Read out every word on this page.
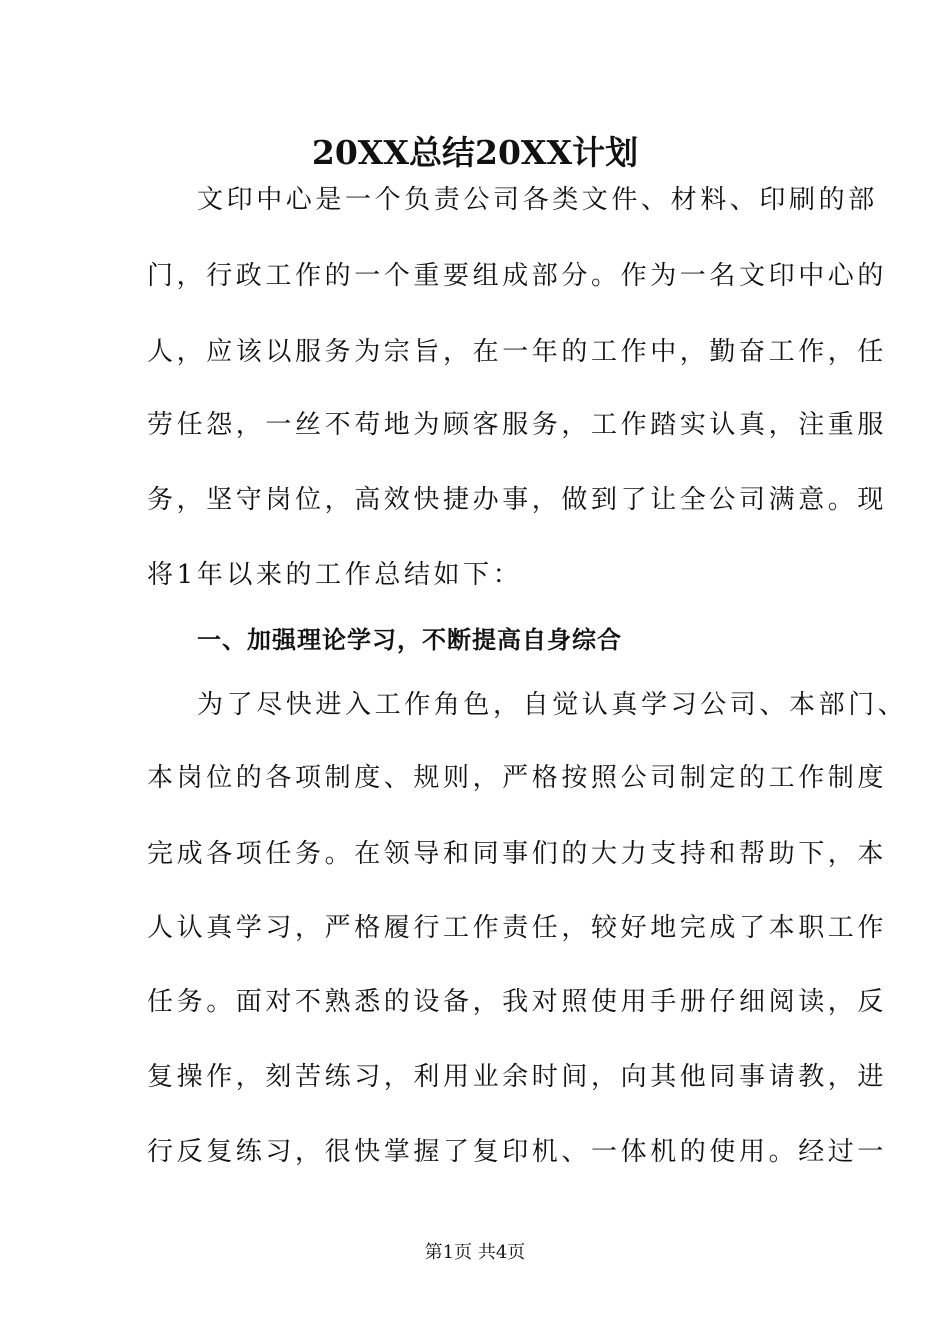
20XX总结20XX计划
文印中心是一个负责公司各类文件、材料、印刷的部
门，行政工作的一个重要组成部分。作为一名文印中心的
人，应该以服务为宗旨，在一年的工作中，勤奋工作，任
劳任怨，一丝不苟地为顾客服务，工作踏实认真，注重服
务，坚守岗位，高效快捷办事，做到了让全公司满意。现
将1年以来的工作总结如下：
一、加强理论学习，不断提高自身综合
为了尽快进入工作角色，自觉认真学习公司、本部门、
本岗位的各项制度、规则，严格按照公司制定的工作制度
完成各项任务。在领导和同事们的大力支持和帮助下，本
人认真学习，严格履行工作责任，较好地完成了本职工作
任务。面对不熟悉的设备，我对照使用手册仔细阅读，反
复操作，刻苦练习，利用业余时间，向其他同事请教，进
行反复练习，很快掌握了复印机、一体机的使用。经过一
第1页 共4页
